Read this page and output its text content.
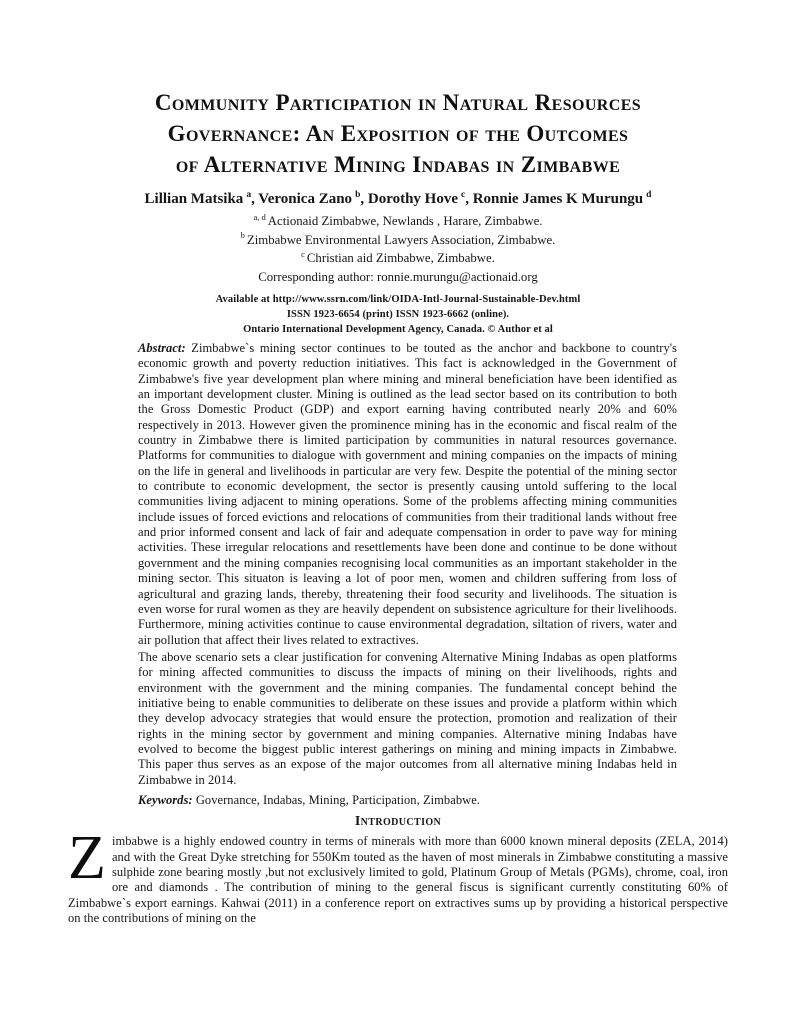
Community Participation in Natural Resources
Governance: An Exposition of the Outcomes
of Alternative Mining Indabas in Zimbabwe
Lillian Matsika $^a$, Veronica Zano $^b$, Dorothy Hove $^c$, Ronnie James K Murungu $^d$
$^{a, d}$ Actionaid Zimbabwe, Newlands , Harare, Zimbabwe.
$^b$ Zimbabwe Environmental Lawyers Association, Zimbabwe.
$^c$ Christian aid Zimbabwe, Zimbabwe.
Corresponding author: ronnie.murungu@actionaid.org
Available at http://www.ssrn.com/link/OIDA-Intl-Journal-Sustainable-Dev.html
ISSN 1923-6654 (print) ISSN 1923-6662 (online).
Ontario International Development Agency, Canada. © Author et al

Abstract: Zimbabwe`s mining sector continues to be touted as the anchor and backbone to country's economic growth and poverty reduction initiatives. This fact is acknowledged in the Government of Zimbabwe's five year development plan where mining and mineral beneficiation have been identified as an important development cluster. Mining is outlined as the lead sector based on its contribution to both the Gross Domestic Product (GDP) and export earning having contributed nearly 20% and 60% respectively in 2013. However given the prominence mining has in the economic and fiscal realm of the country in Zimbabwe there is limited participation by communities in natural resources governance. Platforms for communities to dialogue with government and mining companies on the impacts of mining on the life in general and livelihoods in particular are very few. Despite the potential of the mining sector to contribute to economic development, the sector is presently causing untold suffering to the local communities living adjacent to mining operations. Some of the problems affecting mining communities include issues of forced evictions and relocations of communities from their traditional lands without free and prior informed consent and lack of fair and adequate compensation in order to pave way for mining activities. These irregular relocations and resettlements have been done and continue to be done without government and the mining companies recognising local communities as an important stakeholder in the mining sector. This situaton is leaving a lot of poor men, women and children suffering from loss of agricultural and grazing lands, thereby, threatening their food security and livelihoods. The situation is even worse for rural women as they are heavily dependent on subsistence agriculture for their livelihoods. Furthermore, mining activities continue to cause environmental degradation, siltation of rivers, water and air pollution that affect their lives related to extractives.

The above scenario sets a clear justification for convening Alternative Mining Indabas as open platforms for mining affected communities to discuss the impacts of mining on their livelihoods, rights and environment with the government and the mining companies. The fundamental concept behind the initiative being to enable communities to deliberate on these issues and provide a platform within which they develop advocacy strategies that would ensure the protection, promotion and realization of their rights in the mining sector by government and mining companies. Alternative mining Indabas have evolved to become the biggest public interest gatherings on mining and mining impacts in Zimbabwe. This paper thus serves as an expose of the major outcomes from all alternative mining Indabas held in Zimbabwe in 2014.

Keywords: Governance, Indabas, Mining, Participation, Zimbabwe.

Introduction

Zimbabwe is a highly endowed country in terms of minerals with more than 6000 known mineral deposits (ZELA, 2014) and with the Great Dyke stretching for 550Km touted as the haven of most minerals in Zimbabwe constituting a massive sulphide zone bearing mostly ,but not exclusively limited to gold, Platinum Group of Metals (PGMs), chrome, coal, iron ore and diamonds . The contribution of mining to the general fiscus is significant currently constituting 60% of Zimbabwe`s export earnings. Kahwai (2011) in a conference report on extractives sums up by providing a historical perspective on the contributions of mining on the
